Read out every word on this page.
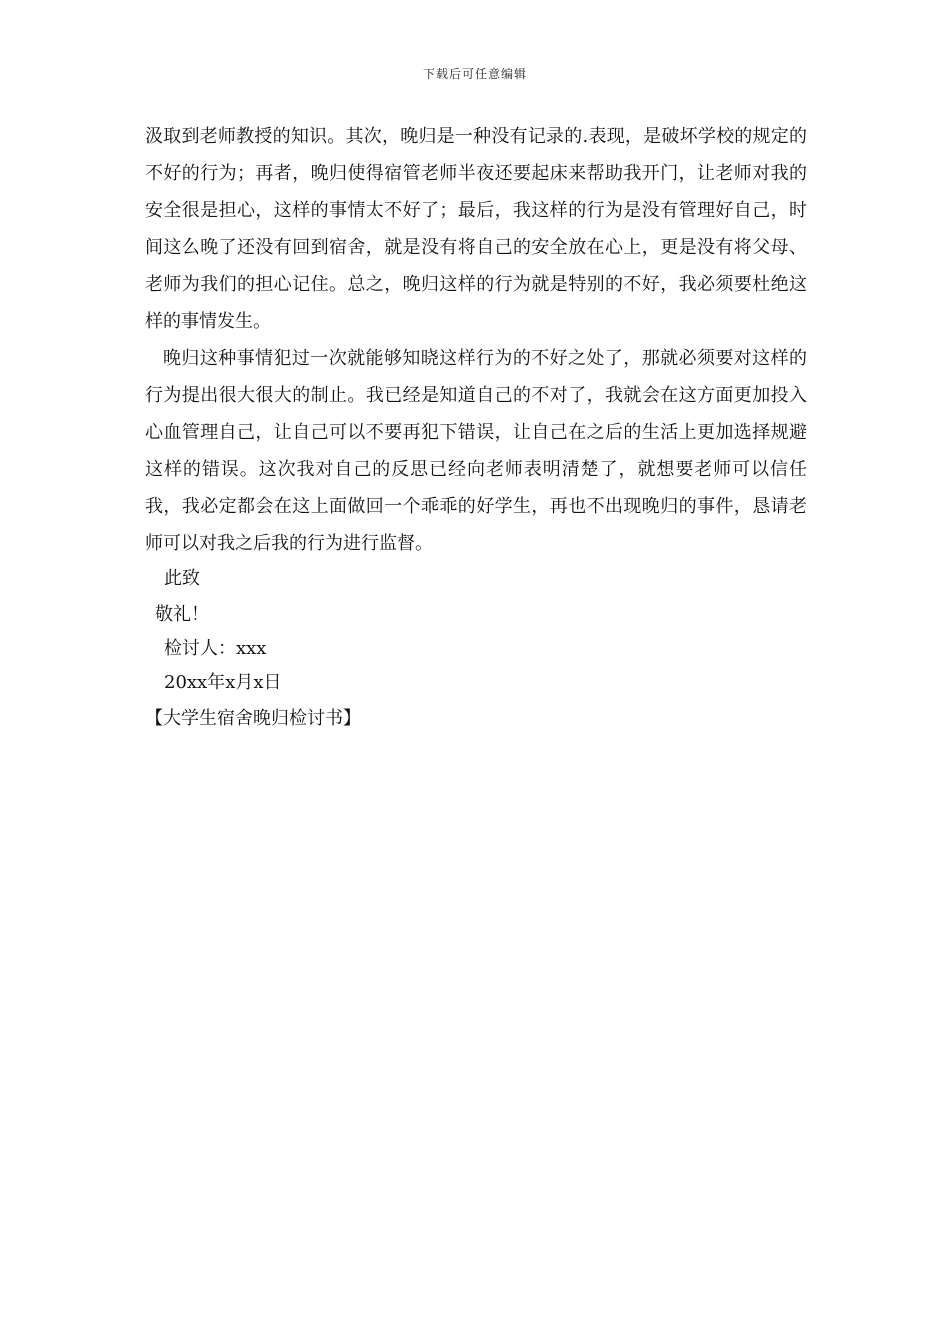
下载后可任意编辑

汲取到老师教授的知识。其次，晚归是一种没有记录的.表现，是破坏学校的规定的不好的行为；再者，晚归使得宿管老师半夜还要起床来帮助我开门，让老师对我的安全很是担心，这样的事情太不好了；最后，我这样的行为是没有管理好自己，时间这么晚了还没有回到宿舍，就是没有将自己的安全放在心上，更是没有将父母、老师为我们的担心记住。总之，晚归这样的行为就是特别的不好，我必须要杜绝这样的事情发生。

晚归这种事情犯过一次就能够知晓这样行为的不好之处了，那就必须要对这样的行为提出很大很大的制止。我已经是知道自己的不对了，我就会在这方面更加投入心血管理自己，让自己可以不要再犯下错误，让自己在之后的生活上更加选择规避这样的错误。这次我对自己的反思已经向老师表明清楚了，就想要老师可以信任我，我必定都会在这上面做回一个乖乖的好学生，再也不出现晚归的事件，恳请老师可以对我之后我的行为进行监督。

此致
敬礼！
检讨人：xxx
20xx年x月x日
【大学生宿舍晚归检讨书】
